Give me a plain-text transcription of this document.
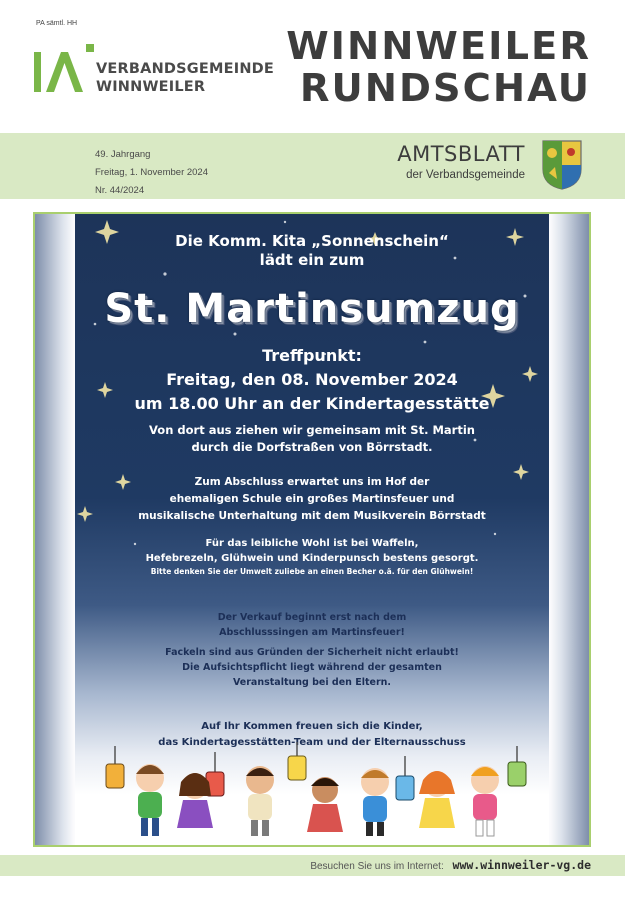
PA sämtl. HH
VERBANDSGEMEINDE
WINNWEILER
WINNWEILER
RUNDSCHAU
49. Jahrgang
Freitag, 1. November 2024
Nr. 44/2024
AMTSBLATT
der Verbandsgemeinde
Die Komm. Kita „Sonnenschein“
lädt ein zum
St. Martinsumzug
Treffpunkt:
Freitag, den 08. November 2024
um 18.00 Uhr an der Kindertagesstätte
Von dort aus ziehen wir gemeinsam mit St. Martin
durch die Dorfstraßen von Börrstadt.
Zum Abschluss erwartet uns im Hof der
ehemaligen Schule ein großes Martinsfeuer und
musikalische Unterhaltung mit dem Musikverein Börrstadt
Für das leibliche Wohl ist bei Waffeln,
Hefebrezeln, Glühwein und Kinderpunsch bestens gesorgt.
Bitte denken Sie der Umwelt zuliebe an einen Becher o.ä. für den Glühwein!
Der Verkauf beginnt erst nach dem
Abschlusssingen am Martinsfeuer!
Fackeln sind aus Gründen der Sicherheit nicht erlaubt!
Die Aufsichtspflicht liegt während der gesamten
Veranstaltung bei den Eltern.
Auf Ihr Kommen freuen sich die Kinder,
das Kindertagesstätten-Team und der Elternausschuss
Besuchen Sie uns im Internet: www.winnweiler-vg.de
